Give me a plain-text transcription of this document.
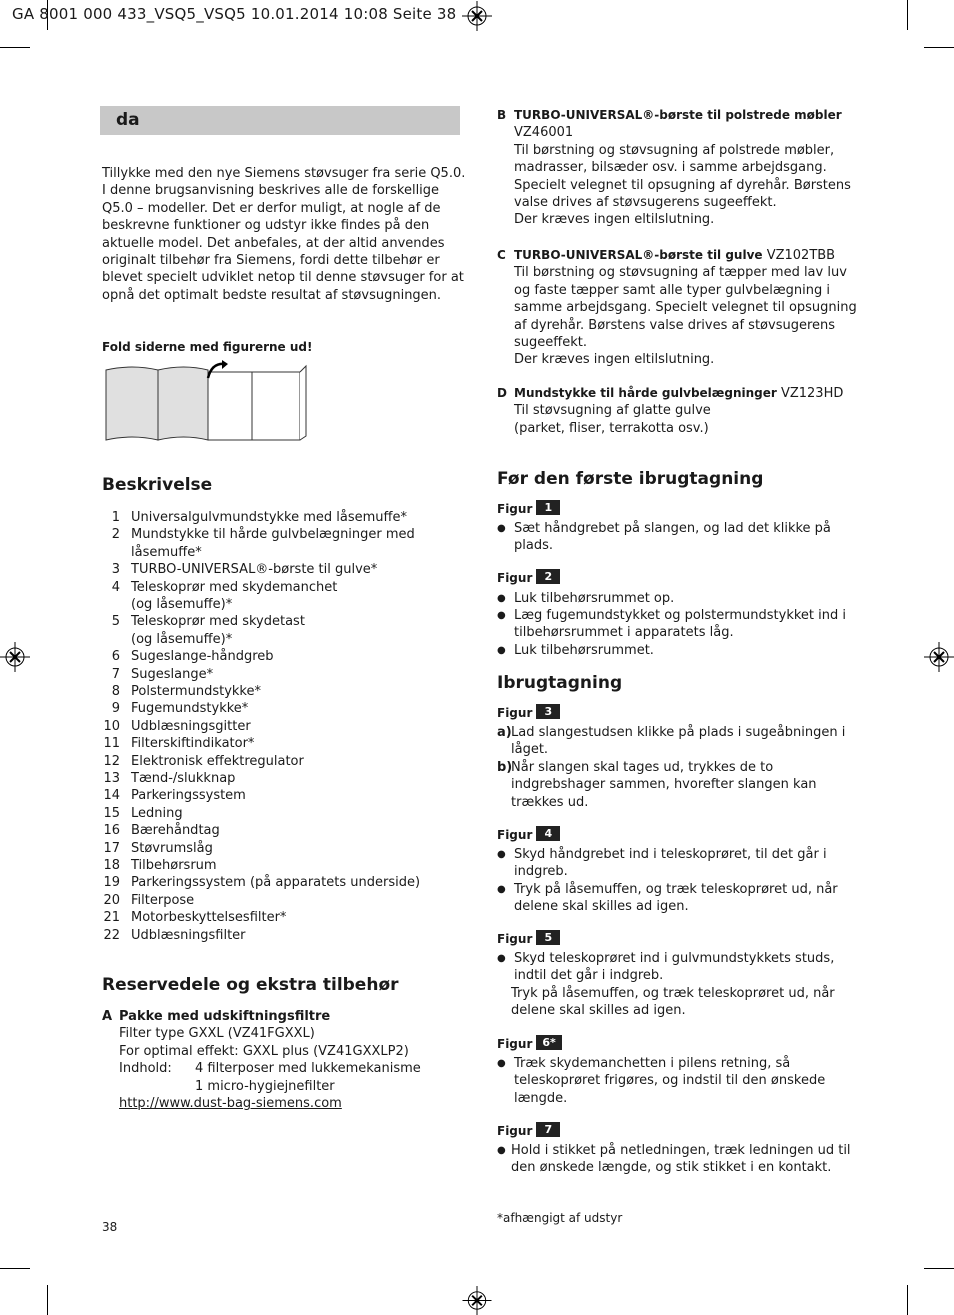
GA 8001 000 433_VSQ5_VSQ5 10.01.2014 10:08 Seite 38
da
Tillykke med den nye Siemens støvsuger fra serie Q5.0.
I denne brugsanvisning beskrives alle de forskellige
Q5.0 – modeller. Det er derfor muligt, at nogle af de
beskrevne funktioner og udstyr ikke findes på den
aktuelle model. Det anbefales, at der altid anvendes
originalt tilbehør fra Siemens, fordi dette tilbehør er
blevet specielt udviklet netop til denne støvsuger for at
opnå det optimalt bedste resultat af støvsugningen.
Fold siderne med figurerne ud!
Beskrivelse
1 Universalgulvmundstykke med låsemuffe*
2 Mundstykke til hårde gulvbelægninger med
låsemuffe*
3 TURBO-UNIVERSAL®-børste til gulve*
4 Teleskoprør med skydemanchet
(og låsemuffe)*
5 Teleskoprør med skydetast
(og låsemuffe)*
6 Sugeslange-håndgreb
7 Sugeslange*
8 Polstermundstykke*
9 Fugemundstykke*
10 Udblæsningsgitter
11 Filterskiftindikator*
12 Elektronisk effektregulator
13 Tænd-/slukknap
14 Parkeringssystem
15 Ledning
16 Bærehåndtag
17 Støvrumslåg
18 Tilbehørsrum
19 Parkeringssystem (på apparatets underside)
20 Filterpose
21 Motorbeskyttelsesfilter*
22 Udblæsningsfilter
Reservedele og ekstra tilbehør
A Pakke med udskiftningsfiltre
Filter type GXXL (VZ41FGXXL)
For optimal effekt: GXXL plus (VZ41GXXLP2)
Indhold: 4 filterposer med lukkemekanisme
1 micro-hygiejnefilter
http://www.dust-bag-siemens.com
38
B TURBO-UNIVERSAL®-børste til polstrede møbler
VZ46001
Til børstning og støvsugning af polstrede møbler,
madrasser, bilsæder osv. i samme arbejdsgang.
Specielt velegnet til opsugning af dyrehår. Børstens
valse drives af støvsugerens sugeeffekt.
Der kræves ingen eltilslutning.
C TURBO-UNIVERSAL®-børste til gulve VZ102TBB
Til børstning og støvsugning af tæpper med lav luv
og faste tæpper samt alle typer gulvbelægning i
samme arbejdsgang. Specielt velegnet til opsugning
af dyrehår. Børstens valse drives af støvsugerens
sugeeffekt.
Der kræves ingen eltilslutning.
D Mundstykke til hårde gulvbelægninger VZ123HD
Til støvsugning af glatte gulve
(parket, fliser, terrakotta osv.)
Før den første ibrugtagning
Figur 1
● Sæt håndgrebet på slangen, og lad det klikke på
plads.
Figur 2
● Luk tilbehørsrummet op.
● Læg fugemundstykket og polstermundstykket ind i
tilbehørsrummet i apparatets låg.
● Luk tilbehørsrummet.
Ibrugtagning
Figur 3
a) Lad slangestudsen klikke på plads i sugeåbningen i
låget.
b)
Når slangen skal tages ud, trykkes de to
indgrebshager sammen, hvorefter slangen kan
trækkes ud.
Figur 4
● Skyd håndgrebet ind i teleskoprøret, til det går i
indgreb.
● Tryk på låsemuffen, og træk teleskoprøret ud, når
delene skal skilles ad igen.
Figur 5
● Skyd teleskoprøret ind i gulvmundstykkets studs,
indtil det går i indgreb.
Tryk på låsemuffen, og træk teleskoprøret ud, når
delene skal skilles ad igen.
Figur 6*
● Træk skydemanchetten i pilens retning, så
teleskoprøret frigøres, og indstil til den ønskede
længde.
Figur 7
● Hold i stikket på netledningen, træk ledningen ud til
den ønskede længde, og stik stikket i en kontakt.
*afhængigt af udstyr
